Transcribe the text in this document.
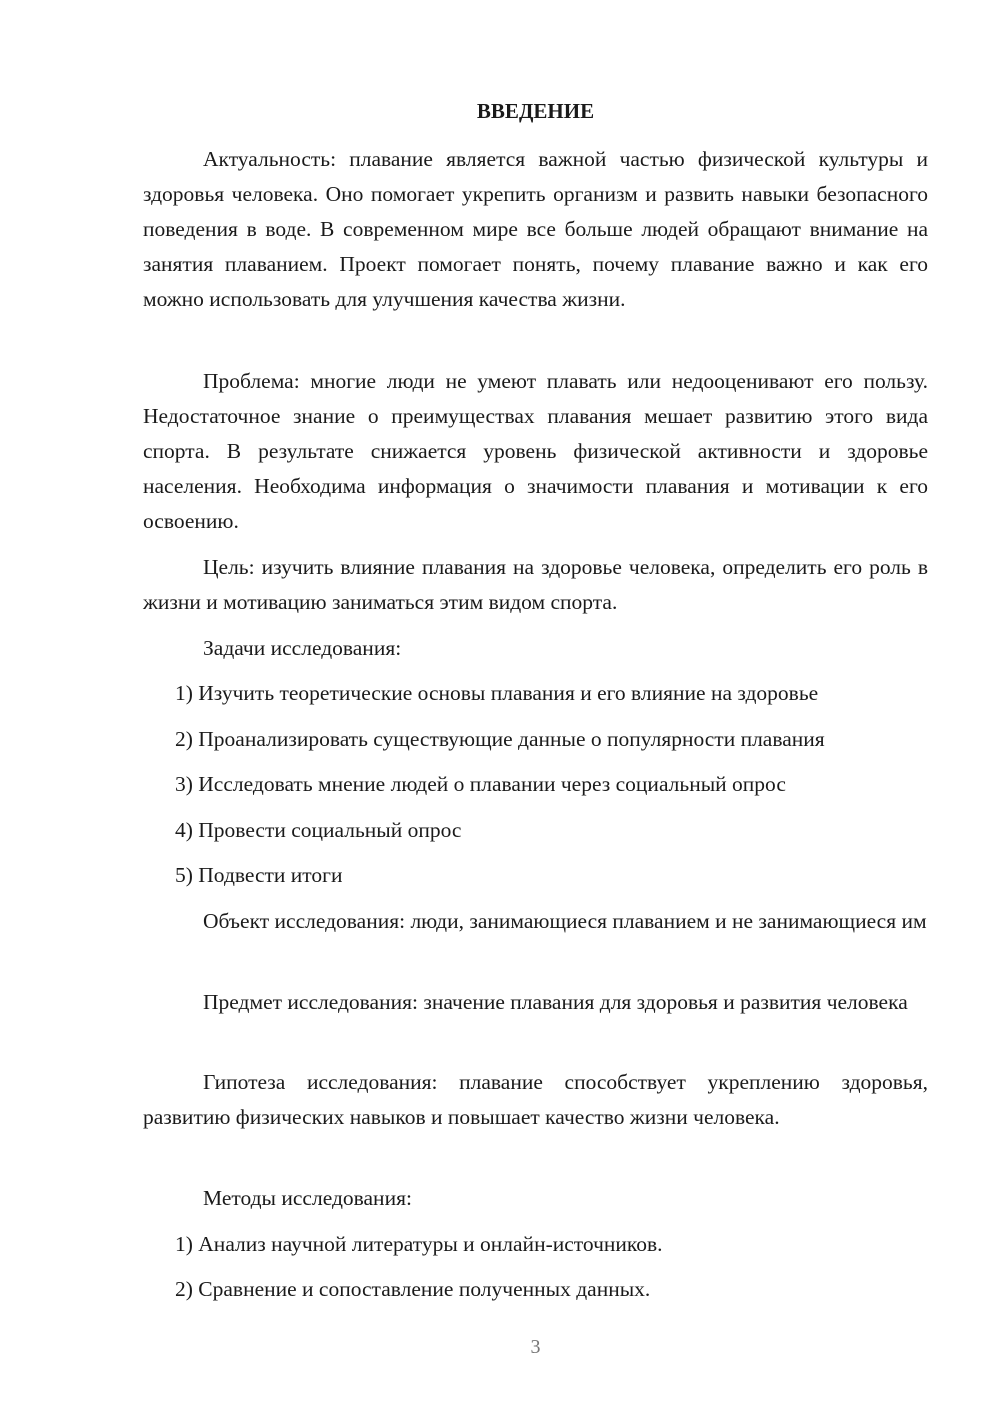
ВВЕДЕНИЕ

Актуальность: плавание является важной частью физической культуры и здоровья человека. Оно помогает укрепить организм и развить навыки безопасного поведения в воде. В современном мире все больше людей обращают внимание на занятия плаванием. Проект помогает понять, почему плавание важно и как его можно использовать для улучшения качества жизни.

Проблема: многие люди не умеют плавать или недооценивают его пользу. Недостаточное знание о преимуществах плавания мешает развитию этого вида спорта. В результате снижается уровень физической активности и здоровье населения. Необходима информация о значимости плавания и мотивации к его освоению.

Цель: изучить влияние плавания на здоровье человека, определить его роль в жизни и мотивацию заниматься этим видом спорта.

Задачи исследования:

1) Изучить теоретические основы плавания и его влияние на здоровье

2) Проанализировать существующие данные о популярности плавания

3) Исследовать мнение людей о плавании через социальный опрос

4) Провести социальный опрос

5) Подвести итоги

Объект исследования: люди, занимающиеся плаванием и не занимающиеся им

Предмет исследования: значение плавания для здоровья и развития человека

Гипотеза исследования: плавание способствует укреплению здоровья, развитию физических навыков и повышает качество жизни человека.

Методы исследования:

1) Анализ научной литературы и онлайн-источников.

2) Сравнение и сопоставление полученных данных.

3
